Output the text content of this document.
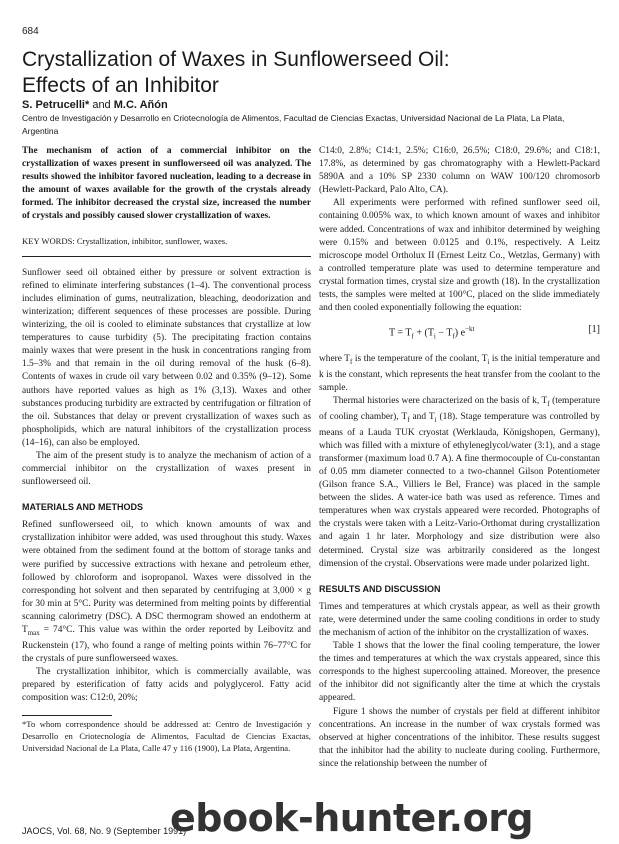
684
Crystallization of Waxes in Sunflowerseed Oil:
Effects of an Inhibitor
S. Petrucelli* and M.C. Añón
Centro de Investigación y Desarrollo en Criotecnología de Alimentos, Facultad de Ciencias Exactas, Universidad Nacional de La Plata, La Plata, Argentina

The mechanism of action of a commercial inhibitor on the crystallization of waxes present in sunflowerseed oil was analyzed. The results showed the inhibitor favored nucleation, leading to a decrease in the amount of waxes available for the growth of the crystals already formed. The inhibitor decreased the crystal size, increased the number of crystals and possibly caused slower crystallization of waxes.

KEY WORDS: Crystallization, inhibitor, sunflower, waxes.

Sunflower seed oil obtained either by pressure or solvent extraction is refined to eliminate interfering substances (1–4). The conventional process includes elimination of gums, neutralization, bleaching, deodorization and winterization; different sequences of these processes are possible. During winterizing, the oil is cooled to eliminate substances that crystallize at low temperatures to cause turbidity (5). The precipitating fraction contains mainly waxes that were present in the husk in concentrations ranging from 1.5–3% and that remain in the oil during removal of the husk (6–8). Contents of waxes in crude oil vary between 0.02 and 0.35% (9–12). Some authors have reported values as high as 1% (3,13). Waxes and other substances producing turbidity are extracted by centrifugation or filtration of the oil. Substances that delay or prevent crystallization of waxes such as phospholipids, which are natural inhibitors of the crystallization process (14–16), can also be employed.

The aim of the present study is to analyze the mechanism of action of a commercial inhibitor on the crystallization of waxes present in sunflowerseed oil.

MATERIALS AND METHODS

Refined sunflowerseed oil, to which known amounts of wax and crystallization inhibitor were added, was used throughout this study. Waxes were obtained from the sediment found at the bottom of storage tanks and were purified by successive extractions with hexane and petroleum ether, followed by chloroform and isopropanol. Waxes were dissolved in the corresponding hot solvent and then separated by centrifuging at 3,000 × g for 30 min at 5°C. Purity was determined from melting points by differential scanning calorimetry (DSC). A DSC thermogram showed an endotherm at $T_{max} = 74^\circ C$. This value was within the order reported by Leibovitz and Ruckenstein (17), who found a range of melting points within 76–77°C for the crystals of pure sunflowerseed waxes.

The crystallization inhibitor, which is commercially available, was prepared by esterification of fatty acids and polyglycerol. Fatty acid composition was: C12:0, 20%;

*To whom correspondence should be addressed at: Centro de Investigación y Desarrollo en Criotecnología de Alimentos, Facultad de Ciencias Exactas, Universidad Nacional de La Plata, Calle 47 y 116 (1900), La Plata, Argentina.

C14:0, 2.8%; C14:1, 2.5%; C16:0, 26.5%; C18:0, 29.6%; and C18:1, 17.8%, as determined by gas chromatography with a Hewlett-Packard 5890A and a 10% SP 2330 column on WAW 100/120 chromosorb (Hewlett-Packard, Palo Alto, CA).

All experiments were performed with refined sunflower seed oil, containing 0.005% wax, to which known amount of waxes and inhibitor were added. Concentrations of wax and inhibitor determined by weighing were 0.15% and between 0.0125 and 0.1%, respectively. A Leitz microscope model Ortholux II (Ernest Leitz Co., Wetzlas, Germany) with a controlled temperature plate was used to determine temperature and crystal formation times, crystal size and growth (18). In the crystallization tests, the samples were melted at 100°C, placed on the slide immediately and then cooled exponentially following the equation:

$T = T_f + (T_i - T_f)$ $e^{-kt}$	[1]

where $T_f$ is the temperature of the coolant, $T_i$ is the initial temperature and k is the constant, which represents the heat transfer from the coolant to the sample.

Thermal histories were characterized on the basis of k, $T_f$ (temperature of cooling chamber), $T_f$ and $T_i$ (18). Stage temperature was controlled by means of a Lauda TUK cryostat (Werklauda, Königshopen, Germany), which was filled with a mixture of ethyleneglycol/water (3:1), and a stage transformer (maximum load 0.7 A). A fine thermocouple of Cu-constantan of 0.05 mm diameter connected to a two-channel Gilson Potentiometer (Gilson france S.A., Villiers le Bel, France) was placed in the sample between the slides. A water-ice bath was used as reference. Times and temperatures when wax crystals appeared were recorded. Photographs of the crystals were taken with a Leitz-Vario-Orthomat during crystallization and again 1 hr later. Morphology and size distribution were also determined. Crystal size was arbitrarily considered as the longest dimension of the crystal. Observations were made under polarized light.

RESULTS AND DISCUSSION

Times and temperatures at which crystals appear, as well as their growth rate, were determined under the same cooling conditions in order to study the mechanism of action of the inhibitor on the crystallization of waxes.

Table 1 shows that the lower the final cooling temperature, the lower the times and temperatures at which the wax crystals appeared, since this corresponds to the highest supercooling attained. Moreover, the presence of the inhibitor did not significantly alter the time at which the crystals appeared.

Figure 1 shows the number of crystals per field at different inhibitor concentrations. An increase in the number of wax crystals formed was observed at higher concentrations of the inhibitor. These results suggest that the inhibitor had the ability to nucleate during cooling. Furthermore, since the relationship between the number of

JAOCS, Vol. 68, No. 9 (September 1991)
ebook-hunter.org
